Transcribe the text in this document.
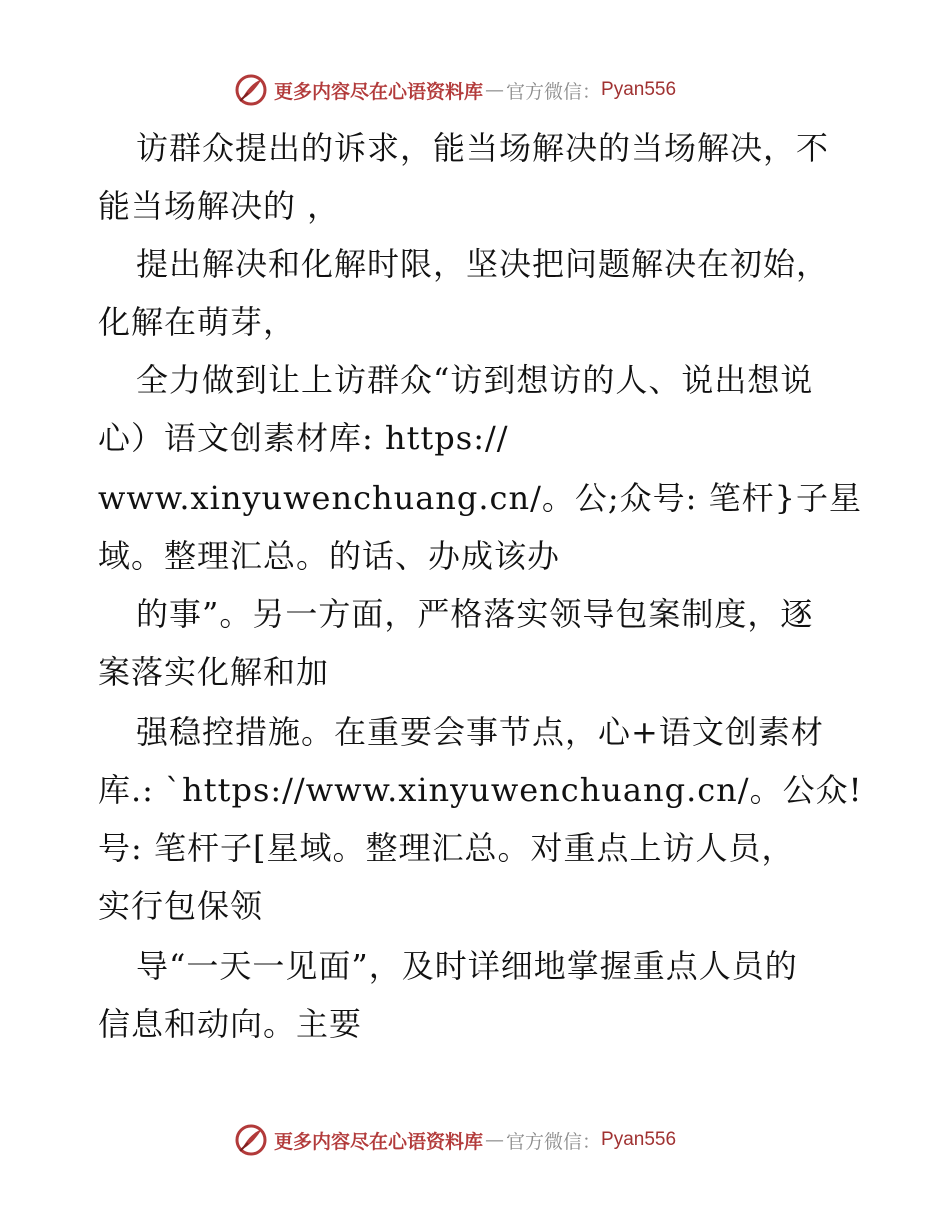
更多内容尽在心语资料库 — 官方微信： Pyan556
访群众提出的诉求，能当场解决的当场解决，不
能当场解决的 ，
提出解决和化解时限，坚决把问题解决在初始，
化解在萌芽，
全力做到让上访群众“访到想访的人、说出想说
心）语文创素材库: https://
www.xinyuwenchuang.cn/。公;众号: 笔杆}子星
域。整理汇总。的话、办成该办
的事”。另一方面，严格落实领导包案制度，逐
案落实化解和加
强稳控措施。在重要会事节点，心+语文创素材
库.: `https://www.xinyuwenchuang.cn/。公众!
号: 笔杆子[星域。整理汇总。对重点上访人员，
实行包保领
导“一天一见面”，及时详细地掌握重点人员的
信息和动向。主要
更多内容尽在心语资料库 — 官方微信： Pyan556
